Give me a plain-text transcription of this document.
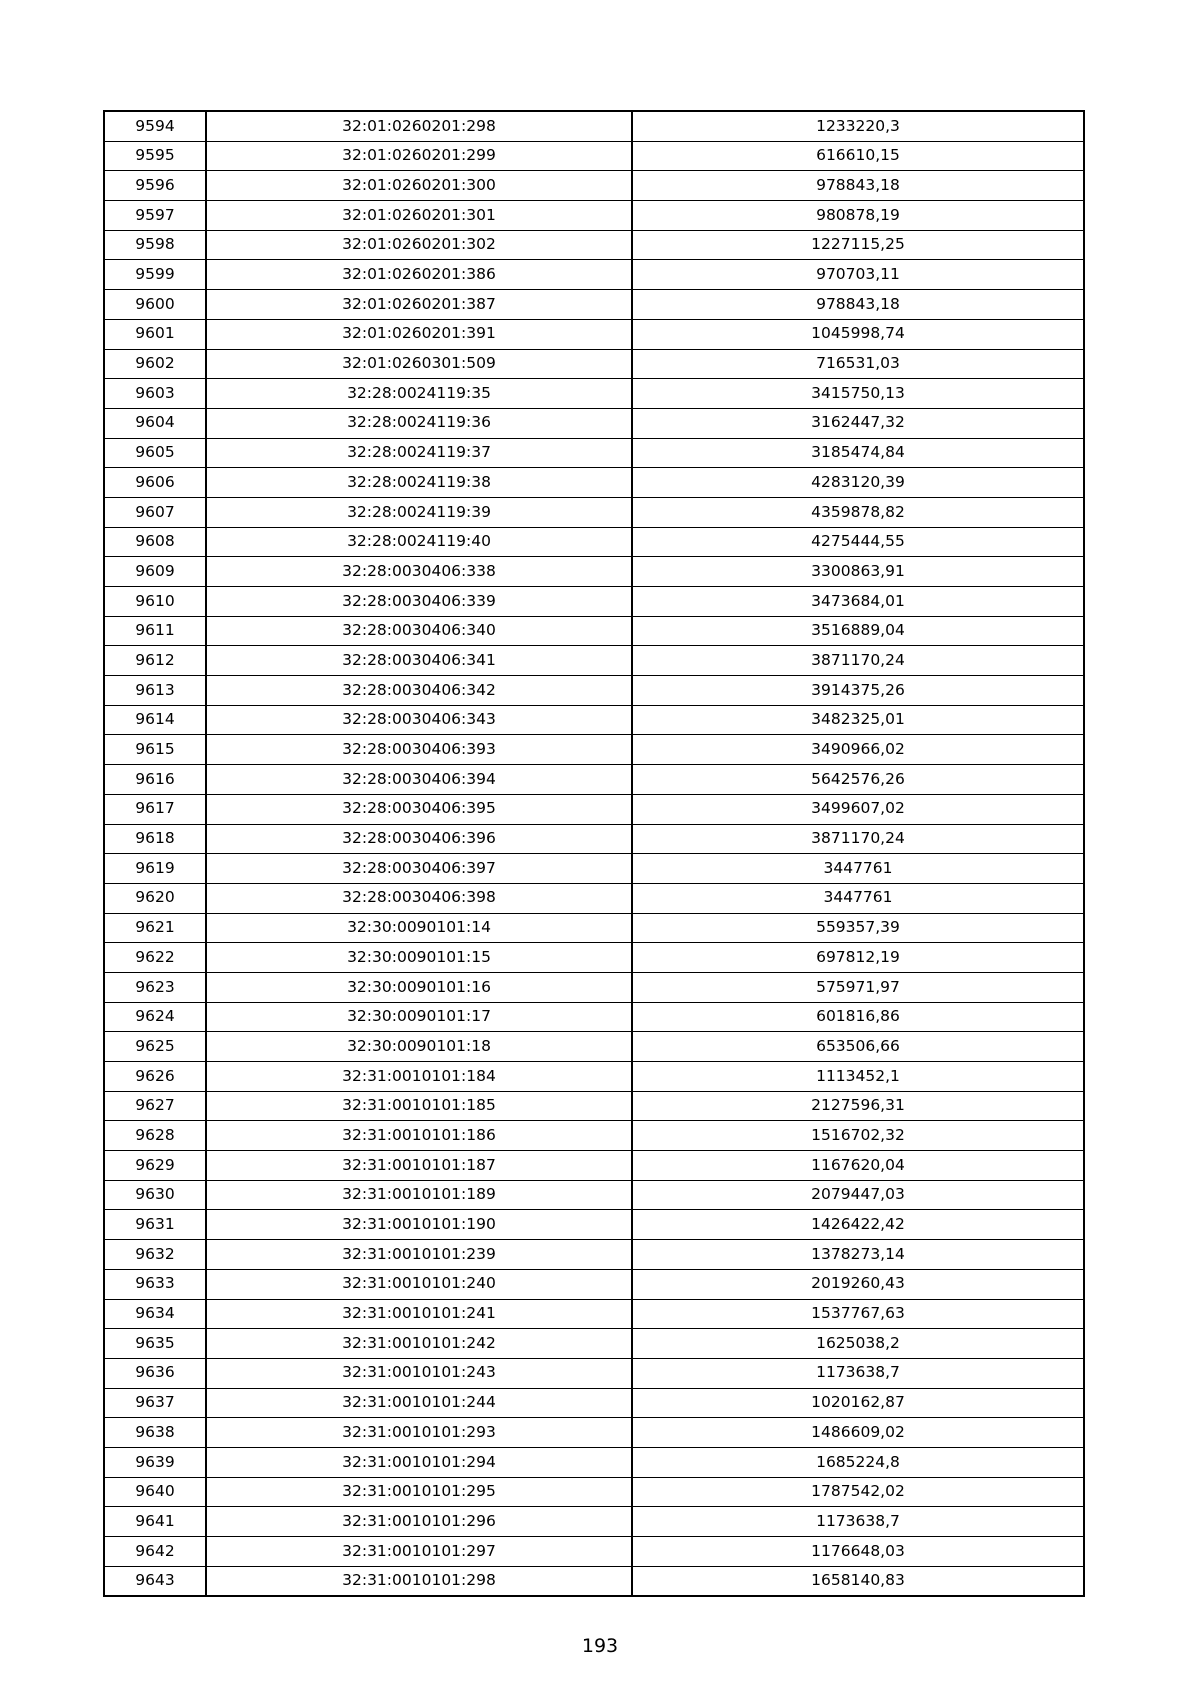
9594	32:01:0260201:298	1233220,3
9595	32:01:0260201:299	616610,15
9596	32:01:0260201:300	978843,18
9597	32:01:0260201:301	980878,19
9598	32:01:0260201:302	1227115,25
9599	32:01:0260201:386	970703,11
9600	32:01:0260201:387	978843,18
9601	32:01:0260201:391	1045998,74
9602	32:01:0260301:509	716531,03
9603	32:28:0024119:35	3415750,13
9604	32:28:0024119:36	3162447,32
9605	32:28:0024119:37	3185474,84
9606	32:28:0024119:38	4283120,39
9607	32:28:0024119:39	4359878,82
9608	32:28:0024119:40	4275444,55
9609	32:28:0030406:338	3300863,91
9610	32:28:0030406:339	3473684,01
9611	32:28:0030406:340	3516889,04
9612	32:28:0030406:341	3871170,24
9613	32:28:0030406:342	3914375,26
9614	32:28:0030406:343	3482325,01
9615	32:28:0030406:393	3490966,02
9616	32:28:0030406:394	5642576,26
9617	32:28:0030406:395	3499607,02
9618	32:28:0030406:396	3871170,24
9619	32:28:0030406:397	3447761
9620	32:28:0030406:398	3447761
9621	32:30:0090101:14	559357,39
9622	32:30:0090101:15	697812,19
9623	32:30:0090101:16	575971,97
9624	32:30:0090101:17	601816,86
9625	32:30:0090101:18	653506,66
9626	32:31:0010101:184	1113452,1
9627	32:31:0010101:185	2127596,31
9628	32:31:0010101:186	1516702,32
9629	32:31:0010101:187	1167620,04
9630	32:31:0010101:189	2079447,03
9631	32:31:0010101:190	1426422,42
9632	32:31:0010101:239	1378273,14
9633	32:31:0010101:240	2019260,43
9634	32:31:0010101:241	1537767,63
9635	32:31:0010101:242	1625038,2
9636	32:31:0010101:243	1173638,7
9637	32:31:0010101:244	1020162,87
9638	32:31:0010101:293	1486609,02
9639	32:31:0010101:294	1685224,8
9640	32:31:0010101:295	1787542,02
9641	32:31:0010101:296	1173638,7
9642	32:31:0010101:297	1176648,03
9643	32:31:0010101:298	1658140,83
193
